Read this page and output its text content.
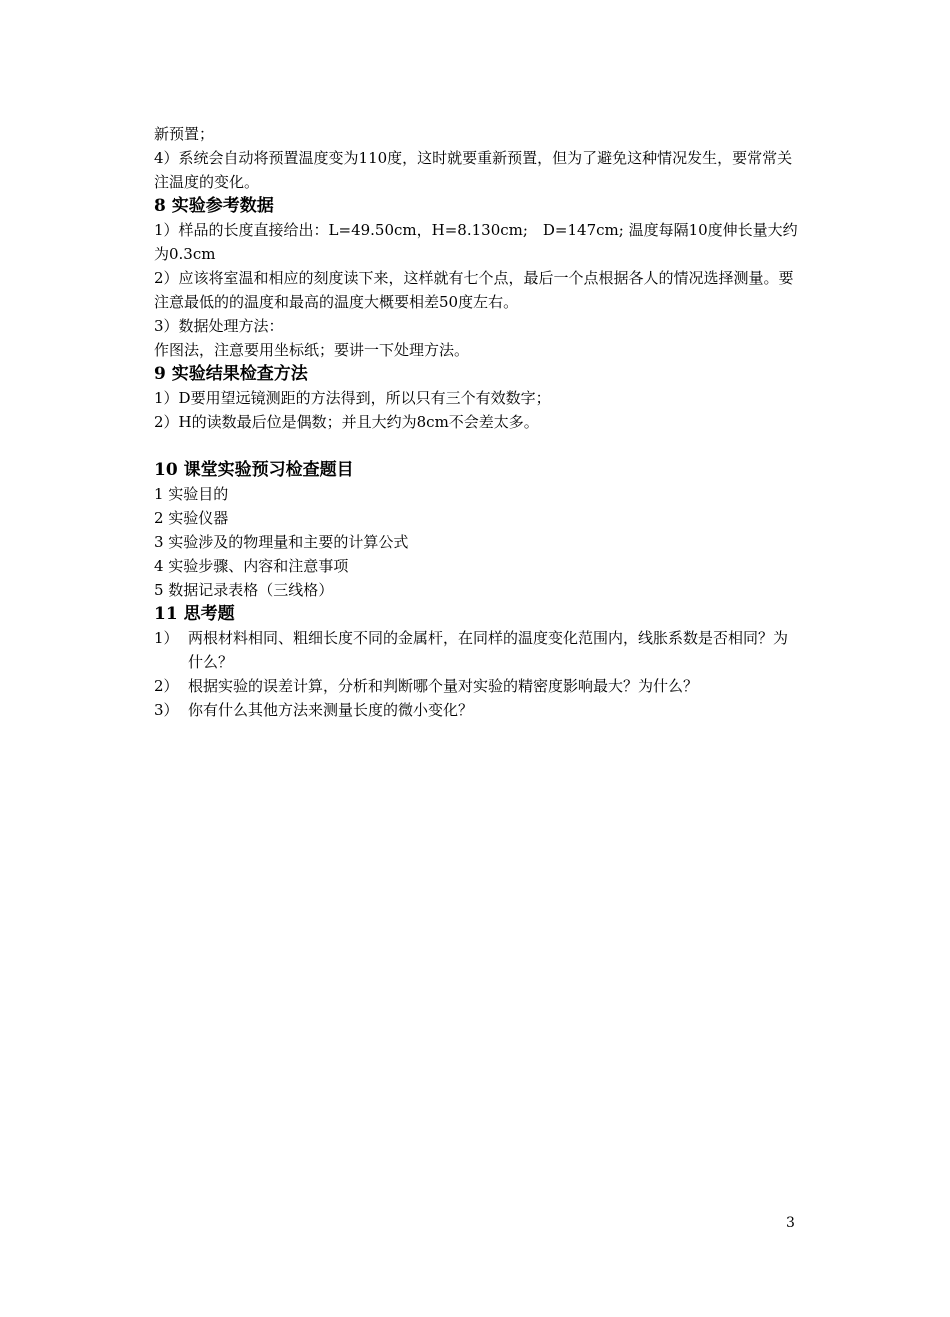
新预置；

4）系统会自动将预置温度变为110度，这时就要重新预置，但为了避免这种情况发生，要常常关注温度的变化。

8 实验参考数据

1）样品的长度直接给出：L=49.50cm，H=8.130cm;　D=147cm; 温度每隔10度伸长量大约为0.3cm

2）应该将室温和相应的刻度读下来，这样就有七个点，最后一个点根据各人的情况选择测量。要注意最低的的温度和最高的温度大概要相差50度左右。

3）数据处理方法：

作图法，注意要用坐标纸；要讲一下处理方法。

9 实验结果检查方法

1）D要用望远镜测距的方法得到，所以只有三个有效数字；

2）H的读数最后位是偶数；并且大约为8cm不会差太多。

10 课堂实验预习检查题目

1 实验目的

2 实验仪器

3 实验涉及的物理量和主要的计算公式

4 实验步骤、内容和注意事项

5 数据记录表格（三线格）

11 思考题

1） 两根材料相同、粗细长度不同的金属杆，在同样的温度变化范围内，线胀系数是否相同？为什么？
2） 根据实验的误差计算，分析和判断哪个量对实验的精密度影响最大？为什么？
3） 你有什么其他方法来测量长度的微小变化？
3
